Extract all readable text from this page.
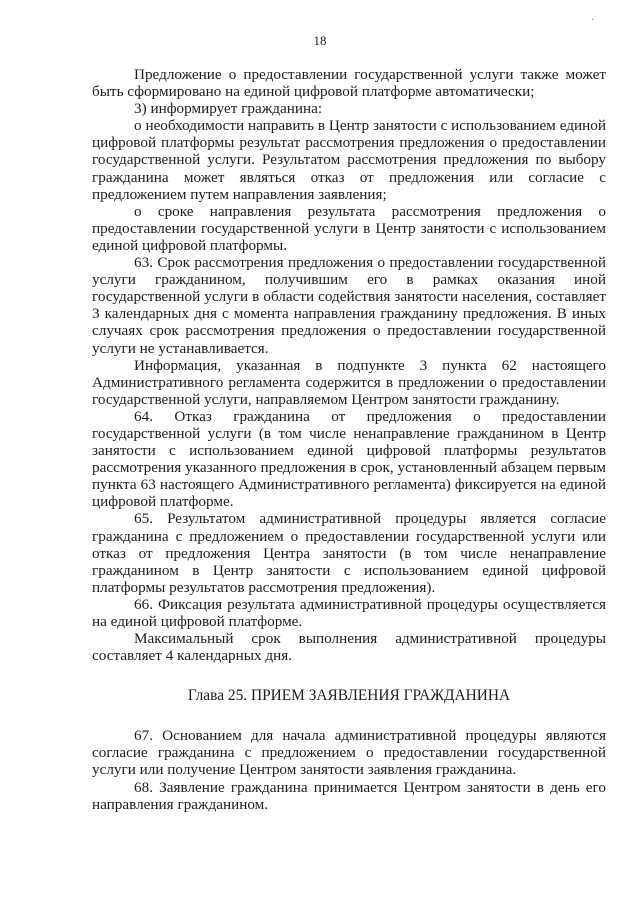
18
·

Предложение о предоставлении государственной услуги также может быть сформировано на единой цифровой платформе автоматически;

3) информирует гражданина:

о необходимости направить в Центр занятости с использованием единой цифровой платформы результат рассмотрения предложения о предоставлении государственной услуги. Результатом рассмотрения предложения по выбору гражданина может являться отказ от предложения или согласие с предложением путем направления заявления;

о сроке направления результата рассмотрения предложения о предоставлении государственной услуги в Центр занятости с использованием единой цифровой платформы.

63. Срок рассмотрения предложения о предоставлении государственной услуги гражданином, получившим его в рамках оказания иной государственной услуги в области содействия занятости населения, составляет 3 календарных дня с момента направления гражданину предложения. В иных случаях срок рассмотрения предложения о предоставлении государственной услуги не устанавливается.

Информация, указанная в подпункте 3 пункта 62 настоящего Административного регламента содержится в предложении о предоставлении государственной услуги, направляемом Центром занятости гражданину.

64. Отказ гражданина от предложения о предоставлении государственной услуги (в том числе ненаправление гражданином в Центр занятости с использованием единой цифровой платформы результатов рассмотрения указанного предложения в срок, установленный абзацем первым пункта 63 настоящего Административного регламента) фиксируется на единой цифровой платформе.

65. Результатом административной процедуры является согласие гражданина с предложением о предоставлении государственной услуги или отказ от предложения Центра занятости (в том числе ненаправление гражданином в Центр занятости с использованием единой цифровой платформы результатов рассмотрения предложения).

66. Фиксация результата административной процедуры осуществляется на единой цифровой платформе.

Максимальный срок выполнения административной процедуры составляет 4 календарных дня.

Глава 25. ПРИЕМ ЗАЯВЛЕНИЯ ГРАЖДАНИНА

67. Основанием для начала административной процедуры являются согласие гражданина с предложением о предоставлении государственной услуги или получение Центром занятости заявления гражданина.

68. Заявление гражданина принимается Центром занятости в день его направления гражданином.
